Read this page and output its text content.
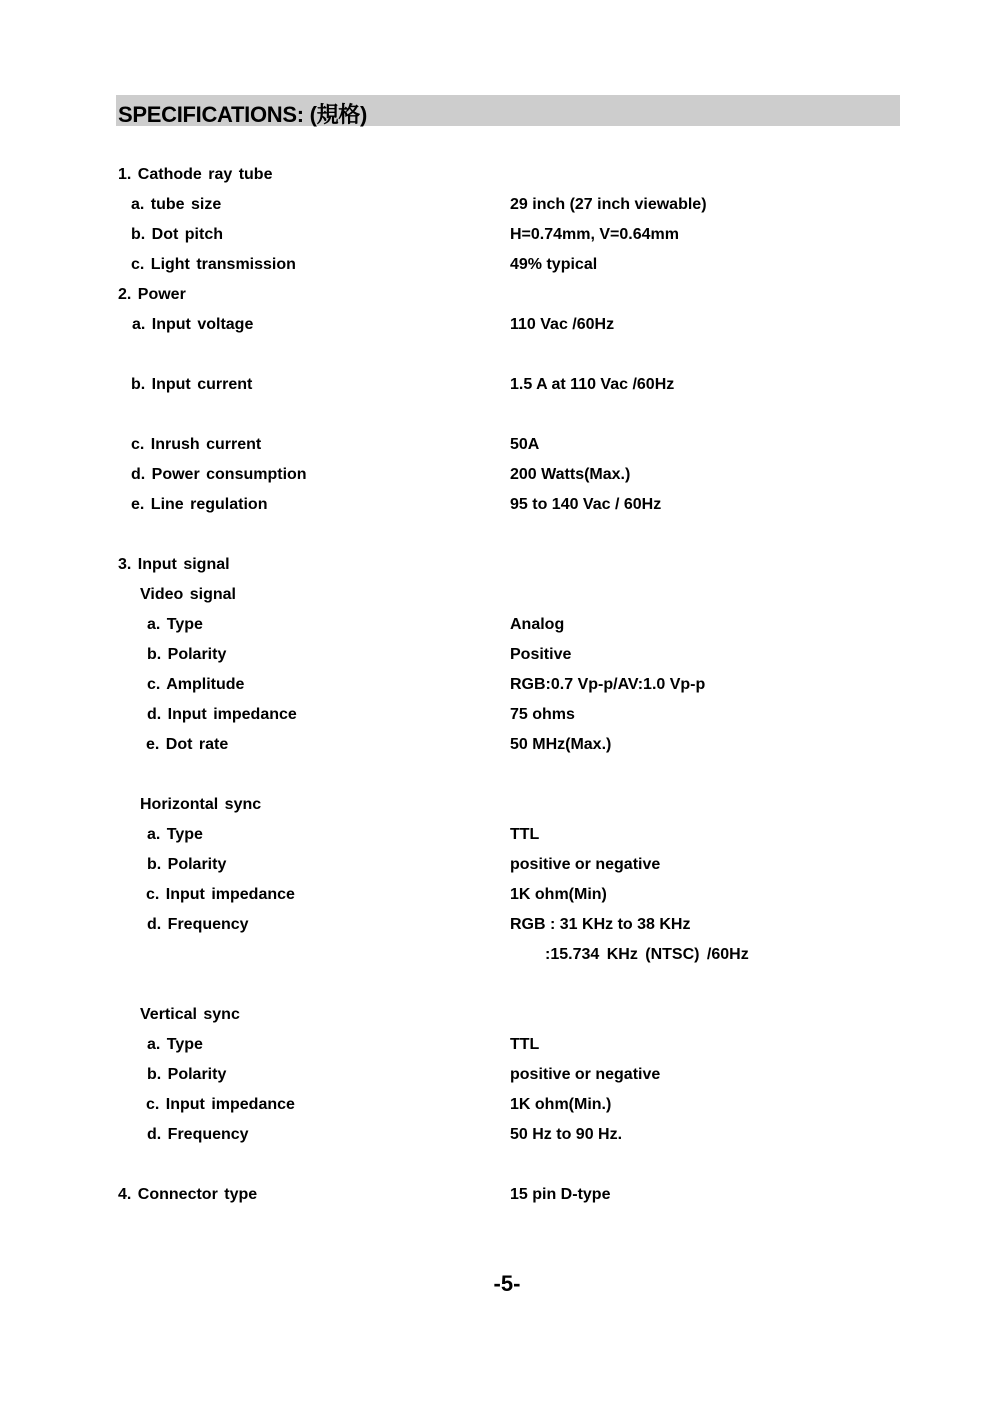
SPECIFICATIONS: (規格)
1. Cathode ray tube
a. tube size	29 inch (27 inch viewable)
b. Dot pitch	H=0.74mm, V=0.64mm
c. Light transmission	49% typical
2. Power
a. Input voltage	110 Vac /60Hz
b. Input current	1.5 A at 110 Vac /60Hz
c. Inrush current	50A
d. Power consumption	200 Watts(Max.)
e. Line regulation	95 to 140 Vac / 60Hz
3. Input signal
Video signal
a. Type	Analog
b. Polarity	Positive
c. Amplitude	RGB:0.7 Vp-p/AV:1.0 Vp-p
d. Input impedance	75 ohms
e. Dot rate	50 MHz(Max.)
Horizontal sync
a. Type	TTL
b. Polarity	positive or negative
c. Input impedance	1K ohm(Min)
d. Frequency	RGB : 31 KHz to 38 KHz
:15.734 KHz (NTSC) /60Hz
Vertical sync
a. Type	TTL
b. Polarity	positive or negative
c. Input impedance	1K ohm(Min.)
d. Frequency	50 Hz to 90 Hz.
4. Connector type	15 pin D-type
-5-
